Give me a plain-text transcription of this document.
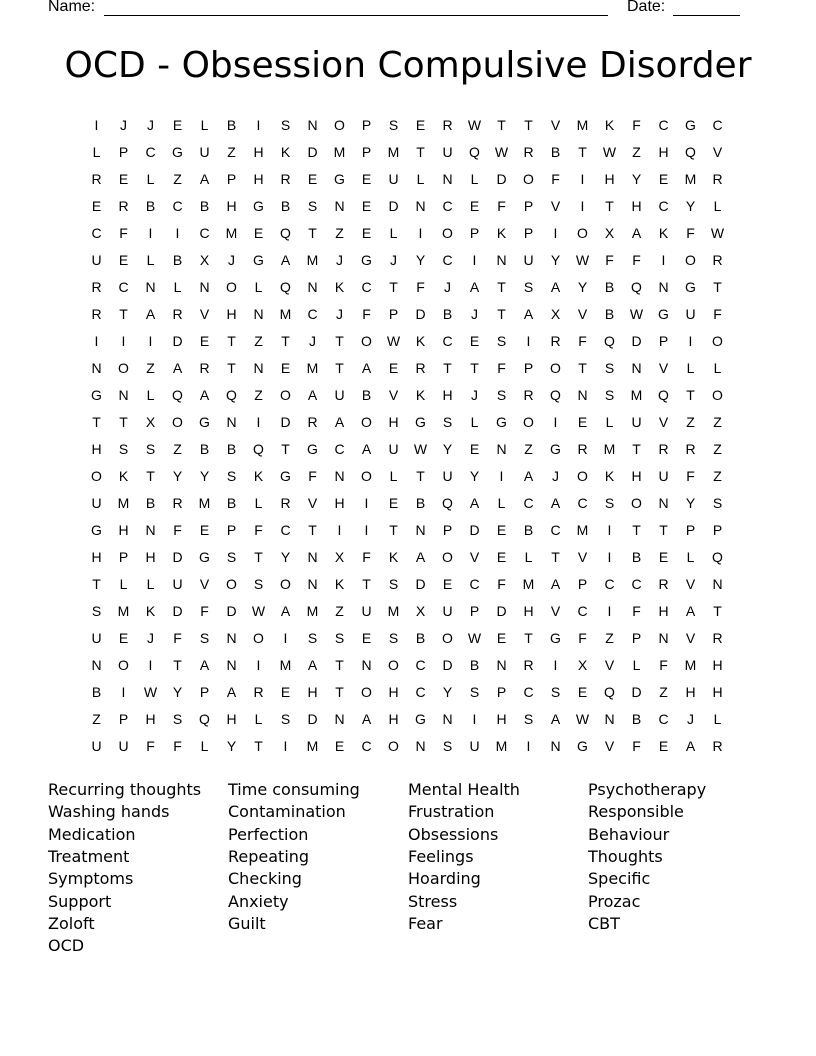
Name:	Date:
OCD - Obsession Compulsive Disorder
I	J	J	E	L	B	I	S	N	O	P	S	E	R	W	T	T	V	M	K	F	C	G	C
L	P	C	G	U	Z	H	K	D	M	P	M	T	U	Q	W	R	B	T	W	Z	H	Q	V
R	E	L	Z	A	P	H	R	E	G	E	U	L	N	L	D	O	F	I	H	Y	E	M	R
E	R	B	C	B	H	G	B	S	N	E	D	N	C	E	F	P	V	I	T	H	C	Y	L
C	F	I	I	C	M	E	Q	T	Z	E	L	I	O	P	K	P	I	O	X	A	K	F	W
U	E	L	B	X	J	G	A	M	J	G	J	Y	C	I	N	U	Y	W	F	F	I	O	R
R	C	N	L	N	O	L	Q	N	K	C	T	F	J	A	T	S	A	Y	B	Q	N	G	T
R	T	A	R	V	H	N	M	C	J	F	P	D	B	J	T	A	X	V	B	W	G	U	F
I	I	I	D	E	T	Z	T	J	T	O	W	K	C	E	S	I	R	F	Q	D	P	I	O
N	O	Z	A	R	T	N	E	M	T	A	E	R	T	T	F	P	O	T	S	N	V	L	L
G	N	L	Q	A	Q	Z	O	A	U	B	V	K	H	J	S	R	Q	N	S	M	Q	T	O
T	T	X	O	G	N	I	D	R	A	O	H	G	S	L	G	O	I	E	L	U	V	Z	Z
H	S	S	Z	B	B	Q	T	G	C	A	U	W	Y	E	N	Z	G	R	M	T	R	R	Z
O	K	T	Y	Y	S	K	G	F	N	O	L	T	U	Y	I	A	J	O	K	H	U	F	Z
U	M	B	R	M	B	L	R	V	H	I	E	B	Q	A	L	C	A	C	S	O	N	Y	S
G	H	N	F	E	P	F	C	T	I	I	T	N	P	D	E	B	C	M	I	T	T	P	P
H	P	H	D	G	S	T	Y	N	X	F	K	A	O	V	E	L	T	V	I	B	E	L	Q
T	L	L	U	V	O	S	O	N	K	T	S	D	E	C	F	M	A	P	C	C	R	V	N
S	M	K	D	F	D	W	A	M	Z	U	M	X	U	P	D	H	V	C	I	F	H	A	T
U	E	J	F	S	N	O	I	S	S	E	S	B	O	W	E	T	G	F	Z	P	N	V	R
N	O	I	T	A	N	I	M	A	T	N	O	C	D	B	N	R	I	X	V	L	F	M	H
B	I	W	Y	P	A	R	E	H	T	O	H	C	Y	S	P	C	S	E	Q	D	Z	H	H
Z	P	H	S	Q	H	L	S	D	N	A	H	G	N	I	H	S	A	W	N	B	C	J	L
U	U	F	F	L	Y	T	I	M	E	C	O	N	S	U	M	I	N	G	V	F	E	A	R
Recurring thoughts
Washing hands
Medication
Treatment
Symptoms
Support
Zoloft
OCD
Time consuming
Contamination
Perfection
Repeating
Checking
Anxiety
Guilt
Mental Health
Frustration
Obsessions
Feelings
Hoarding
Stress
Fear
Psychotherapy
Responsible
Behaviour
Thoughts
Specific
Prozac
CBT
